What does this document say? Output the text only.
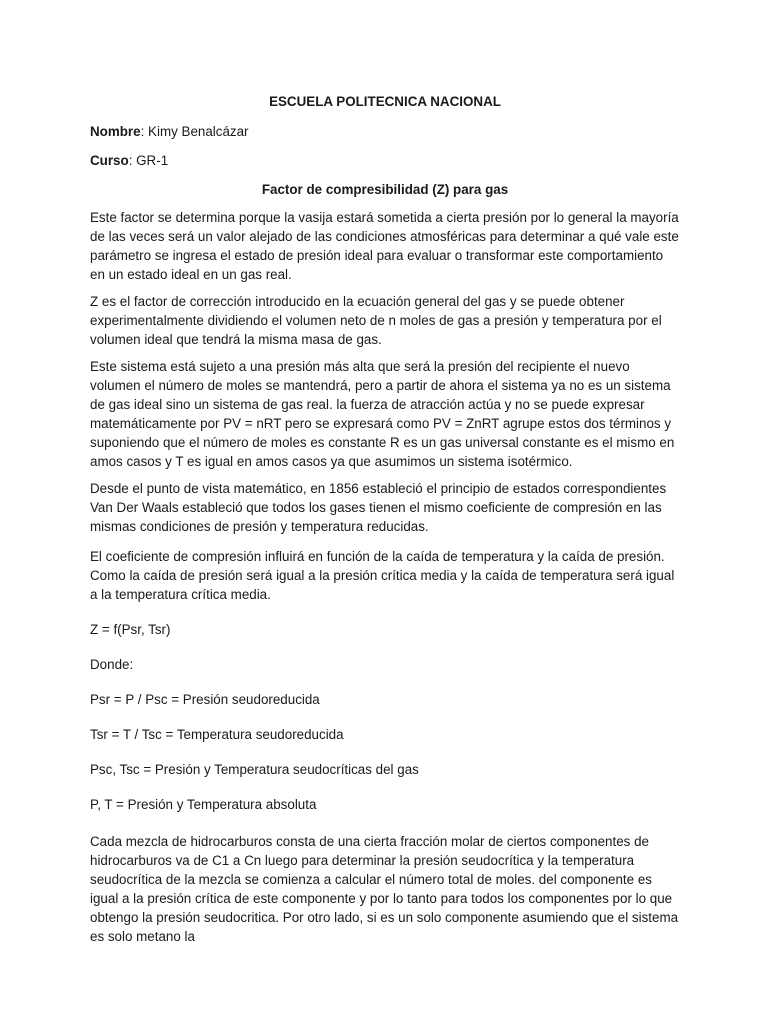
ESCUELA POLITECNICA NACIONAL
Nombre: Kimy Benalcázar
Curso: GR-1
Factor de compresibilidad (Z) para gas

Este factor se determina porque la vasija estará sometida a cierta presión por lo general la mayoría de las veces será un valor alejado de las condiciones atmosféricas para determinar a qué vale este parámetro se ingresa el estado de presión ideal para evaluar o transformar este comportamiento en un estado ideal en un gas real.

Z es el factor de corrección introducido en la ecuación general del gas y se puede obtener experimentalmente dividiendo el volumen neto de n moles de gas a presión y temperatura por el volumen ideal que tendrá la misma masa de gas.

Este sistema está sujeto a una presión más alta que será la presión del recipiente el nuevo volumen el número de moles se mantendrá, pero a partir de ahora el sistema ya no es un sistema de gas ideal sino un sistema de gas real. la fuerza de atracción actúa y no se puede expresar matemáticamente por PV = nRT pero se expresará como PV = ZnRT agrupe estos dos términos y suponiendo que el número de moles es constante R es un gas universal constante es el mismo en amos casos y T es igual en amos casos ya que asumimos un sistema isotérmico.

Desde el punto de vista matemático, en 1856 estableció el principio de estados correspondientes Van Der Waals estableció que todos los gases tienen el mismo coeficiente de compresión en las mismas condiciones de presión y temperatura reducidas.

El coeficiente de compresión influirá en función de la caída de temperatura y la caída de presión. Como la caída de presión será igual a la presión crítica media y la caída de temperatura será igual a la temperatura crítica media.

Z = f(Psr, Tsr)
Donde:
Psr = P / Psc = Presión seudoreducida
Tsr = T / Tsc = Temperatura seudoreducida
Psc, Tsc = Presión y Temperatura seudocríticas del gas
P, T = Presión y Temperatura absoluta

Cada mezcla de hidrocarburos consta de una cierta fracción molar de ciertos componentes de hidrocarburos va de C1 a Cn luego para determinar la presión seudocrítica y la temperatura seudocrítica de la mezcla se comienza a calcular el número total de moles. del componente es igual a la presión crítica de este componente y por lo tanto para todos los componentes por lo que obtengo la presión seudocritica. Por otro lado, si es un solo componente asumiendo que el sistema es solo metano la
